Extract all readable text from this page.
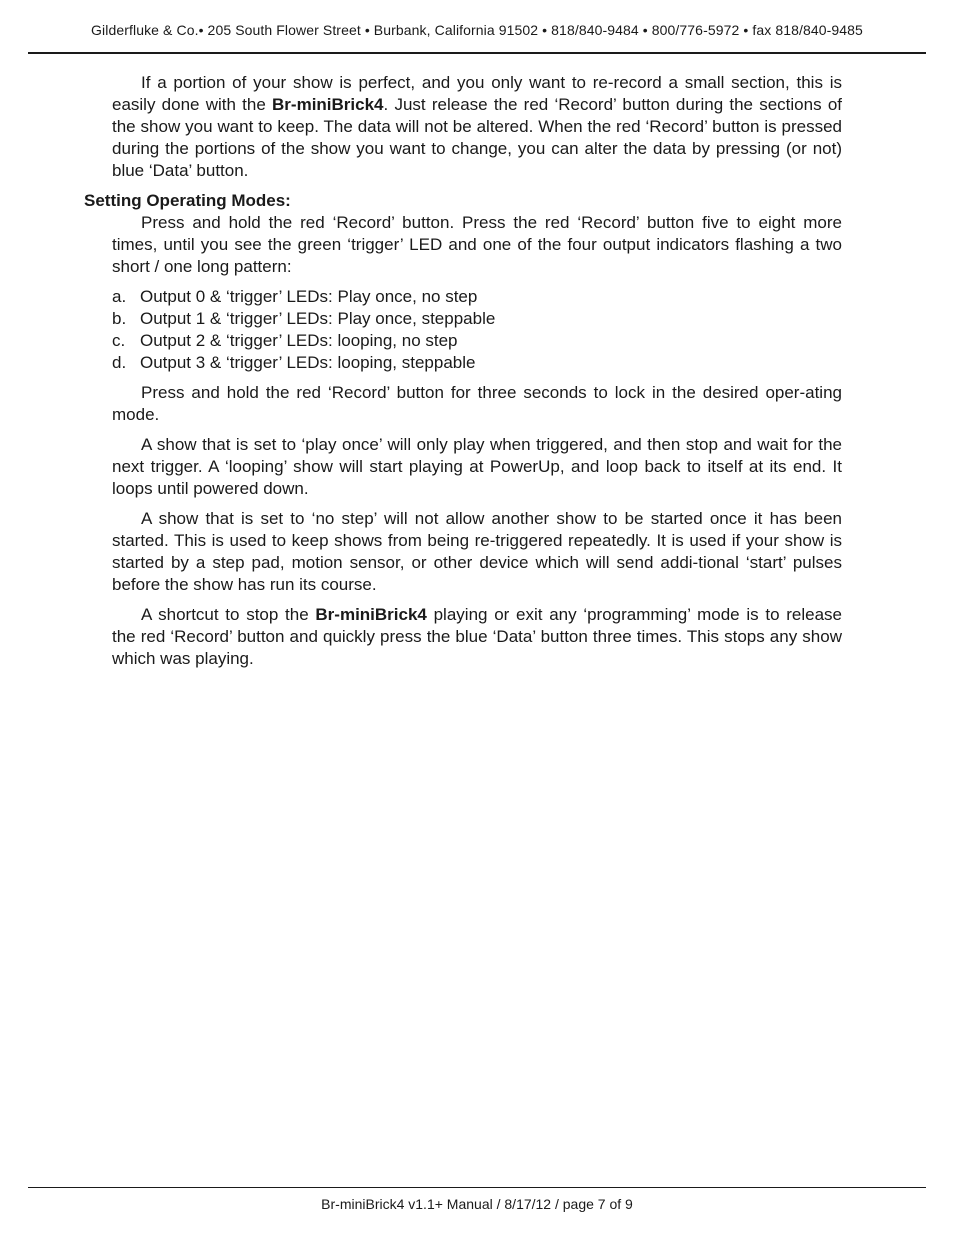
Gilderfluke & Co.• 205 South Flower Street • Burbank, California 91502 • 818/840-9484 • 800/776-5972 • fax 818/840-9485

If a portion of your show is perfect, and you only want to re-record a small section, this is easily done with the Br-miniBrick4. Just release the red ‘Record’ button during the sections of the show you want to keep. The data will not be altered. When the red ‘Record’ button is pressed during the portions of the show you want to change, you can alter the data by pressing (or not) blue ‘Data’ button.

Setting Operating Modes:

Press and hold the red ‘Record’ button. Press the red ‘Record’ button five to eight more times, until you see the green ‘trigger’ LED and one of the four output indicators flashing a two short / one long pattern:

a. Output 0 & ‘trigger’ LEDs: Play once, no step
b. Output 1 & ‘trigger’ LEDs: Play once, steppable
c. Output 2 & ‘trigger’ LEDs: looping, no step
d. Output 3 & ‘trigger’ LEDs: looping, steppable

Press and hold the red ‘Record’ button for three seconds to lock in the desired oper-ating mode.

A show that is set to ‘play once’ will only play when triggered, and then stop and wait for the next trigger. A ‘looping’ show will start playing at PowerUp, and loop back to itself at its end. It loops until powered down.

A show that is set to ‘no step’ will not allow another show to be started once it has been started. This is used to keep shows from being re-triggered repeatedly. It is used if your show is started by a step pad, motion sensor, or other device which will send addi-tional ‘start’ pulses before the show has run its course.

A shortcut to stop the Br-miniBrick4 playing or exit any ‘programming’ mode is to release the red ‘Record’ button and quickly press the blue ‘Data’ button three times. This stops any show which was playing.

Br-miniBrick4 v1.1+ Manual / 8/17/12 / page 7 of 9
